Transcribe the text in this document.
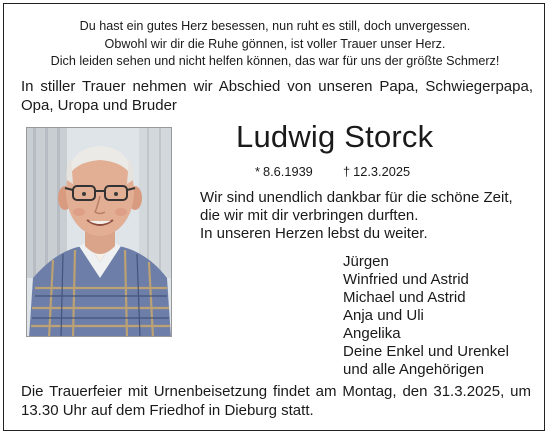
Du hast ein gutes Herz besessen, nun ruht es still, doch unvergessen.
Obwohl wir dir die Ruhe gönnen, ist voller Trauer unser Herz.
Dich leiden sehen und nicht helfen können, das war für uns der größte Schmerz!
In stiller Trauer nehmen wir Abschied von unseren Papa, Schwiegerpapa, Opa, Uropa und Bruder
Ludwig Storck
* 8.6.1939 † 12.3.2025
Wir sind unendlich dankbar für die schöne Zeit,
die wir mit dir verbringen durften.
In unseren Herzen lebst du weiter.
Jürgen
Winfried und Astrid
Michael und Astrid
Anja und Uli
Angelika
Deine Enkel und Urenkel
und alle Angehörigen
Die Trauerfeier mit Urnenbeisetzung findet am Montag, den 31.3.2025, um 13.30 Uhr auf dem Friedhof in Dieburg statt.
